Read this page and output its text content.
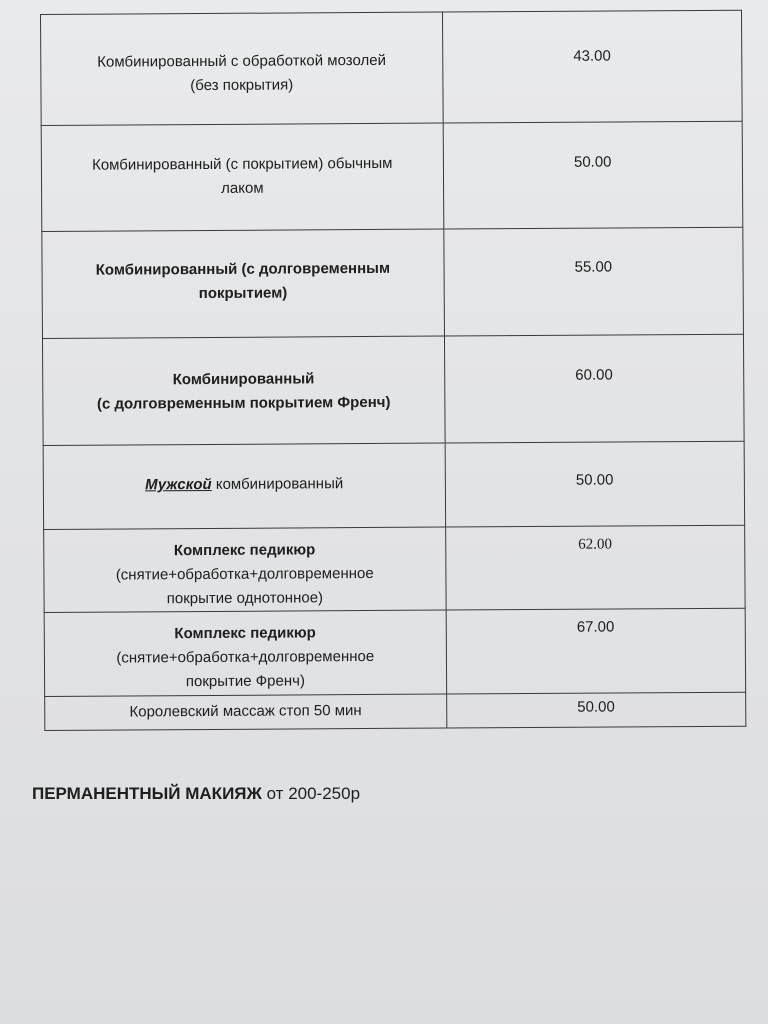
Комбинированный с обработкой мозолей
(без покрытия)	43.00

Комбинированный (с покрытием) обычным
лаком	50.00

Комбинированный (с долговременным
покрытием)	55.00

Комбинированный
(с долговременным покрытием Френч)	60.00

Мужской комбинированный	50.00

Комплекс педикюр
(снятие+обработка+долговременное
покрытие однотонное)	62.00

Комплекс педикюр
(снятие+обработка+долговременное
покрытие Френч)	67.00

Королевский массаж стоп 50 мин	50.00
ПЕРМАНЕНТНЫЙ МАКИЯЖ от 200-250р
